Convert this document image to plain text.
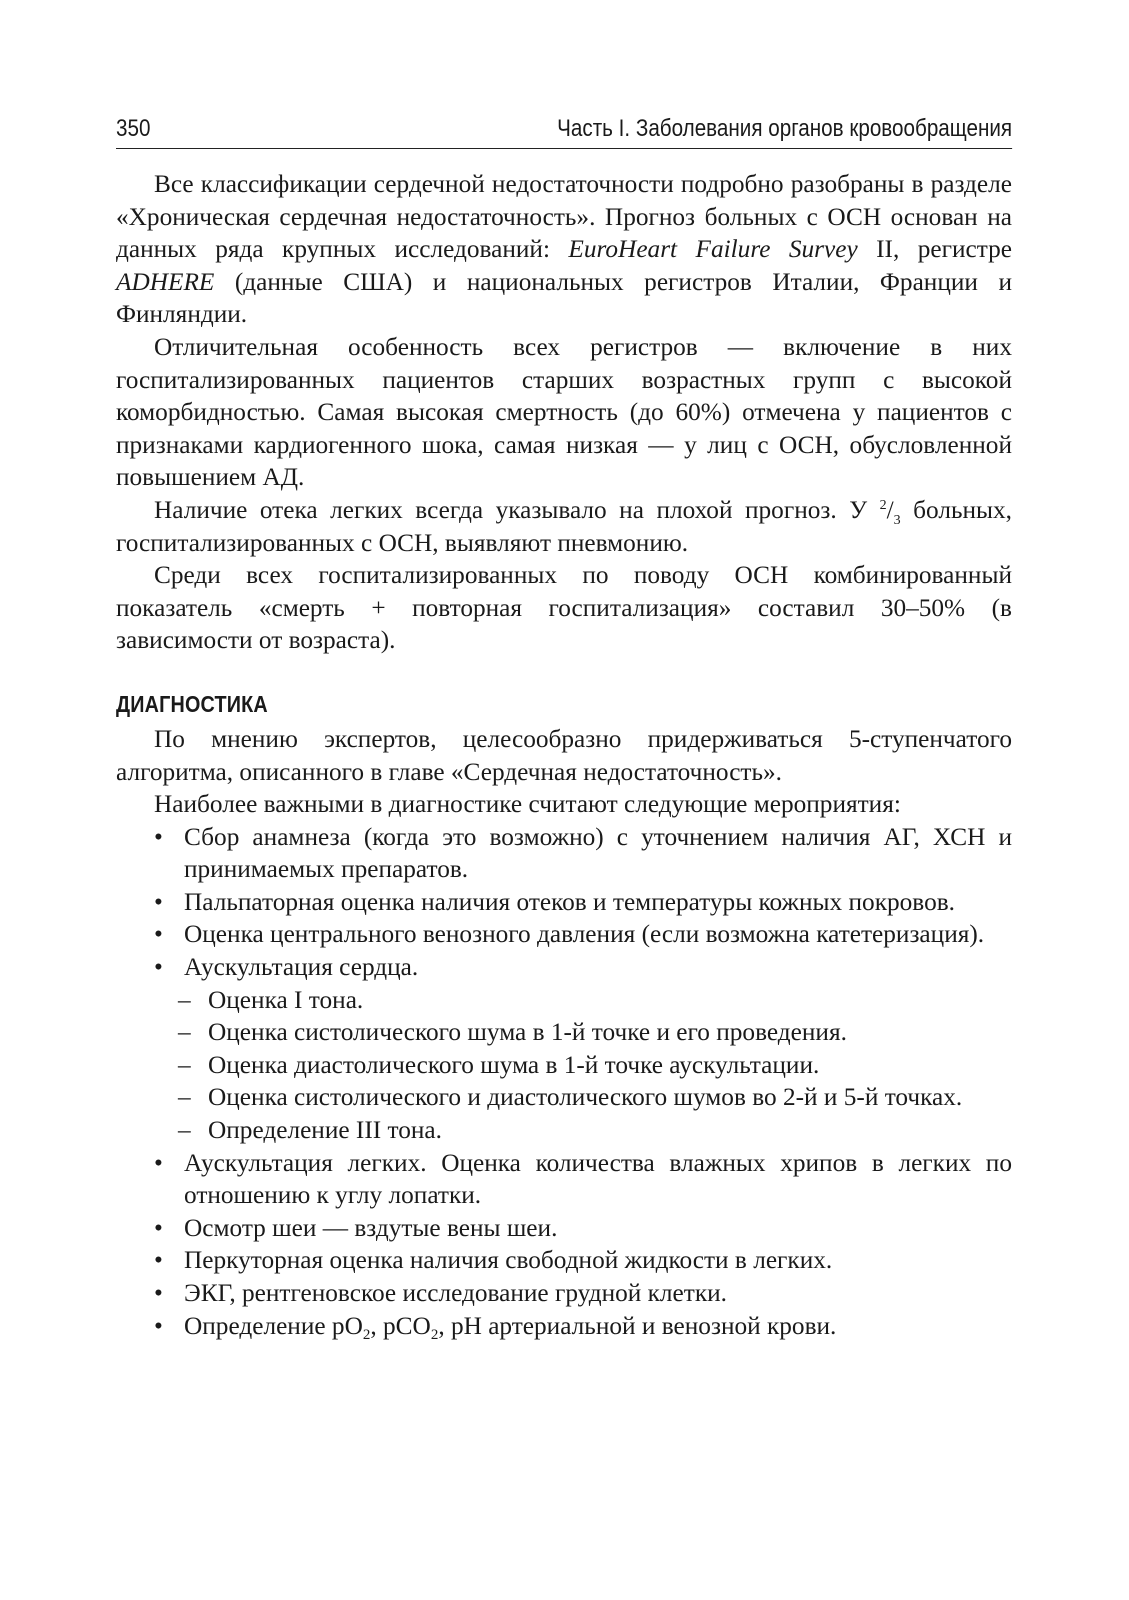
350	Часть I. Заболевания органов кровообращения

Все классификации сердечной недостаточности подробно разобраны в разделе «Хроническая сердечная недостаточность». Прогноз больных с ОСН основан на данных ряда крупных исследований: EuroHeart Failure Survey II, регистре ADHERE (данные США) и национальных регистров Италии, Франции и Финляндии.

Отличительная особенность всех регистров — включение в них госпитализированных пациентов старших возрастных групп с высокой коморбидностью. Самая высокая смертность (до 60%) отмечена у пациентов с признаками кардиогенного шока, самая низкая — у лиц с ОСН, обусловленной повышением АД.

Наличие отека легких всегда указывало на плохой прогноз. У $^2/_3$ больных, госпитализированных с ОСН, выявляют пневмонию.

Среди всех госпитализированных по поводу ОСН комбинированный показатель «смерть + повторная госпитализация» составил 30–50% (в зависимости от возраста).

ДИАГНОСТИКА

По мнению экспертов, целесообразно придерживаться 5-ступенчатого алгоритма, описанного в главе «Сердечная недостаточность».

Наиболее важными в диагностике считают следующие мероприятия:

• Сбор анамнеза (когда это возможно) с уточнением наличия АГ, ХСН и принимаемых препаратов.
• Пальпаторная оценка наличия отеков и температуры кожных покровов.
• Оценка центрального венозного давления (если возможна катетеризация).
• Аускультация сердца.
– Оценка I тона.
– Оценка систолического шума в 1-й точке и его проведения.
– Оценка диастолического шума в 1-й точке аускультации.
– Оценка систолического и диастолического шумов во 2-й и 5-й точках.
– Определение III тона.
• Аускультация легких. Оценка количества влажных хрипов в легких по отношению к углу лопатки.
• Осмотр шеи — вздутые вены шеи.
• Перкуторная оценка наличия свободной жидкости в легких.
• ЭКГ, рентгеновское исследование грудной клетки.
• Определение $pO_2$, pCO$_2$, pH артериальной и венозной крови.
